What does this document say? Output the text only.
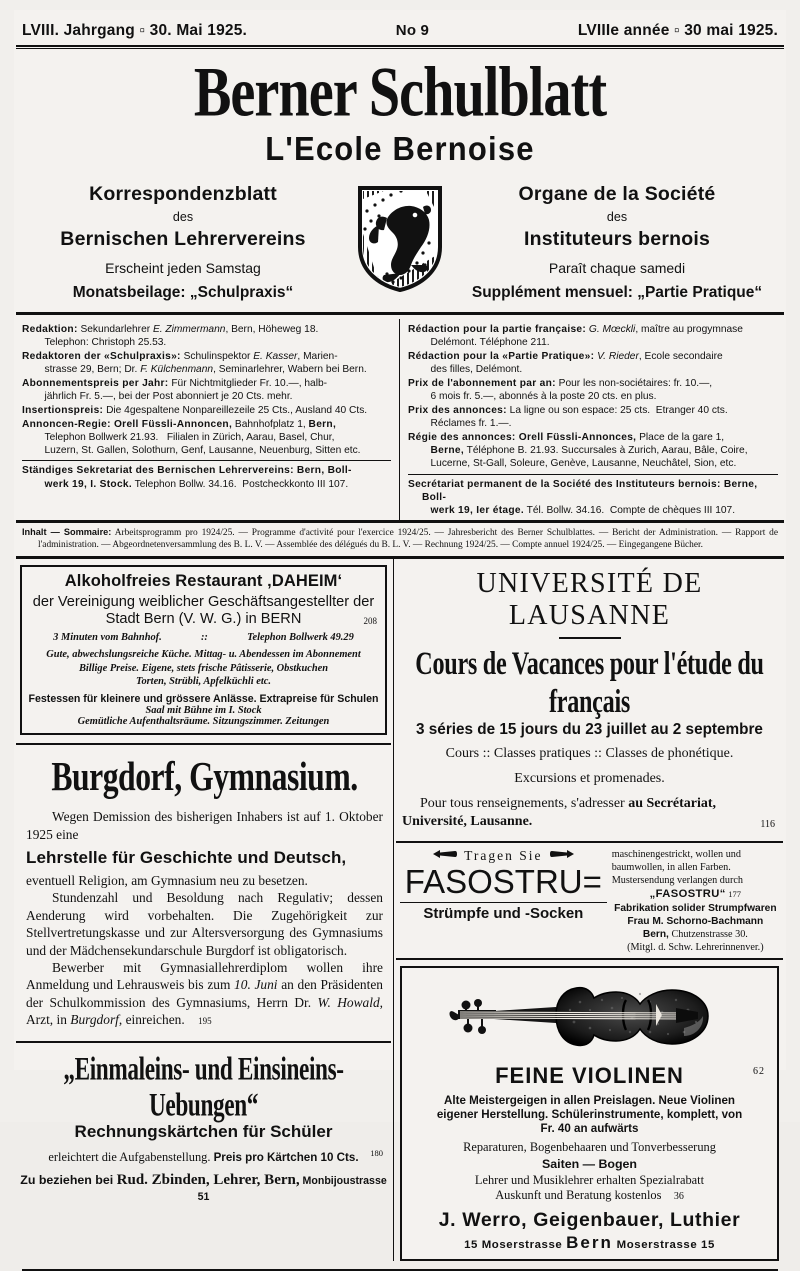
LVIII. Jahrgang ▫ 30. Mai 1925.	No 9	LVIIIe année ▫ 30 mai 1925.
Berner Schulblatt
L'Ecole Bernoise
Korrespondenzblatt
des
Bernischen Lehrervereins
Erscheint jeden Samstag
Monatsbeilage: „Schulpraxis“
Organe de la Société
des
Instituteurs bernois
Paraît chaque samedi
Supplément mensuel: „Partie Pratique“
Redaktion: Sekundarlehrer E. Zimmermann, Bern, Höheweg 18.
Telephon: Christoph 25.53.
Redaktoren der «Schulpraxis»: Schulinspektor E. Kasser, Marien-
strasse 29, Bern; Dr. F. Külchenmann, Seminarlehrer, Wabern bei Bern.
Abonnementspreis per Jahr: Für Nichtmitglieder Fr. 10.—, halb-
jährlich Fr. 5.—, bei der Post abonniert je 20 Cts. mehr.
Insertionspreis: Die 4gespaltene Nonpareillezeile 25 Cts., Ausland 40 Cts.
Annoncen-Regie: Orell Füssli-Annoncen, Bahnhofplatz 1, Bern,
Telephon Bollwerk 21.93.   Filialen in Zürich, Aarau, Basel, Chur,
Luzern, St. Gallen, Solothurn, Genf, Lausanne, Neuenburg, Sitten etc.
Ständiges Sekretariat des Bernischen Lehrervereins: Bern, Boll-
werk 19, I. Stock. Telephon Bollw. 34.16.  Postcheckkonto III 107.
Rédaction pour la partie française: G. Mœckli, maître au progymnase
Delémont. Téléphone 211.
Rédaction pour la «Partie Pratique»: V. Rieder, Ecole secondaire
des filles, Delémont.
Prix de l'abonnement par an: Pour les non-sociétaires: fr. 10.—,
6 mois fr. 5.—, abonnés à la poste 20 cts. en plus.
Prix des annonces: La ligne ou son espace: 25 cts.  Etranger 40 cts.
Réclames fr. 1.—.
Régie des annonces: Orell Füssli-Annonces, Place de la gare 1,
Berne, Téléphone B. 21.93. Succursales à Zurich, Aarau, Bâle, Coire,
Lucerne, St-Gall, Soleure, Genève, Lausanne, Neuchâtel, Sion, etc.
Secrétariat permanent de la Société des Instituteurs bernois: Berne, Boll-
werk 19, Ier étage. Tél. Bollw. 34.16.  Compte de chèques III 107.
Inhalt — Sommaire: Arbeitsprogramm pro 1924/25. — Programme d'activité pour l'exercice 1924/25. — Jahresbericht des Berner Schulblattes. — Bericht der Administration. — Rapport de l'administration. — Abgeordnetenversammlung des B. L. V. — Assemblée des délégués du B. L. V. — Rechnung 1924/25. — Compte annuel 1924/25. — Eingegangene Bücher.
Alkoholfreies Restaurant ‚DAHEIM‘
der Vereinigung weiblicher Geschäftsangestellter der
Stadt Bern (V. W. G.) in BERN	208
3 Minuten vom Bahnhof.	::	Telephon Bollwerk 49.29
Gute, abwechslungsreiche Küche. Mittag- u. Abendessen im Abonnement
Billige Preise. Eigene, stets frische Pâtisserie, Obstkuchen
Torten, Strübli, Apfelküchli etc.
Festessen für kleinere und grössere Anlässe. Extrapreise für Schulen
Saal mit Bühne im I. Stock
Gemütliche Aufenthaltsräume. Sitzungszimmer. Zeitungen
Burgdorf, Gymnasium.
Wegen Demission des bisherigen Inhabers ist auf 1. Oktober 1925 eine
Lehrstelle für Geschichte und Deutsch,
eventuell Religion, am Gymnasium neu zu besetzen.
Stundenzahl und Besoldung nach Regulativ; dessen Aenderung wird vorbehalten. Die Zugehörigkeit zur Stellvertretungskasse und zur Altersversorgung des Gymnasiums und der Mädchensekundarschule Burgdorf ist obligatorisch.
Bewerber mit Gymnasiallehrerdiplom wollen ihre Anmeldung und Lehrausweis bis zum 10. Juni an den Präsidenten der Schulkommission des Gymnasiums, Herrn Dr. W. Howald, Arzt, in Burgdorf, einreichen. 195
„Einmaleins- und Einsineins-Uebungen“
Rechnungskärtchen für Schüler
erleichtert die Aufgabenstellung. Preis pro Kärtchen 10 Cts. 180
Zu beziehen bei Rud. Zbinden, Lehrer, Bern, Monbijoustrasse 51
UNIVERSITÉ DE LAUSANNE
Cours de Vacances pour l'étude du français
3 séries de 15 jours du 23 juillet au 2 septembre
Cours :: Classes pratiques :: Classes de phonétique.
Excursions et promenades.
Pour tous renseignements, s'adresser au Secrétariat,
Université, Lausanne.	116
Tragen Sie
FASOSTRU=
Strümpfe und -Socken
maschinengestrickt, wollen und
baumwollen, in allen Farben.
Mustersendung verlangen durch
„FASOSTRU“ 177
Fabrikation solider Strumpfwaren
Frau M. Schorno-Bachmann
Bern, Chutzenstrasse 30.
(Mitgl. d. Schw. Lehrerinnenver.)
FEINE VIOLINEN	62
Alte Meistergeigen in allen Preislagen. Neue Violinen
eigener Herstellung. Schülerinstrumente, komplett, von
Fr. 40 an aufwärts
Reparaturen, Bogenbehaaren und Tonverbesserung
Saiten — Bogen
Lehrer und Musiklehrer erhalten Spezialrabatt
Auskunft und Beratung kostenlos 36
J. Werro, Geigenbauer, Luthier
15 Moserstrasse Bern Moserstrasse 15
